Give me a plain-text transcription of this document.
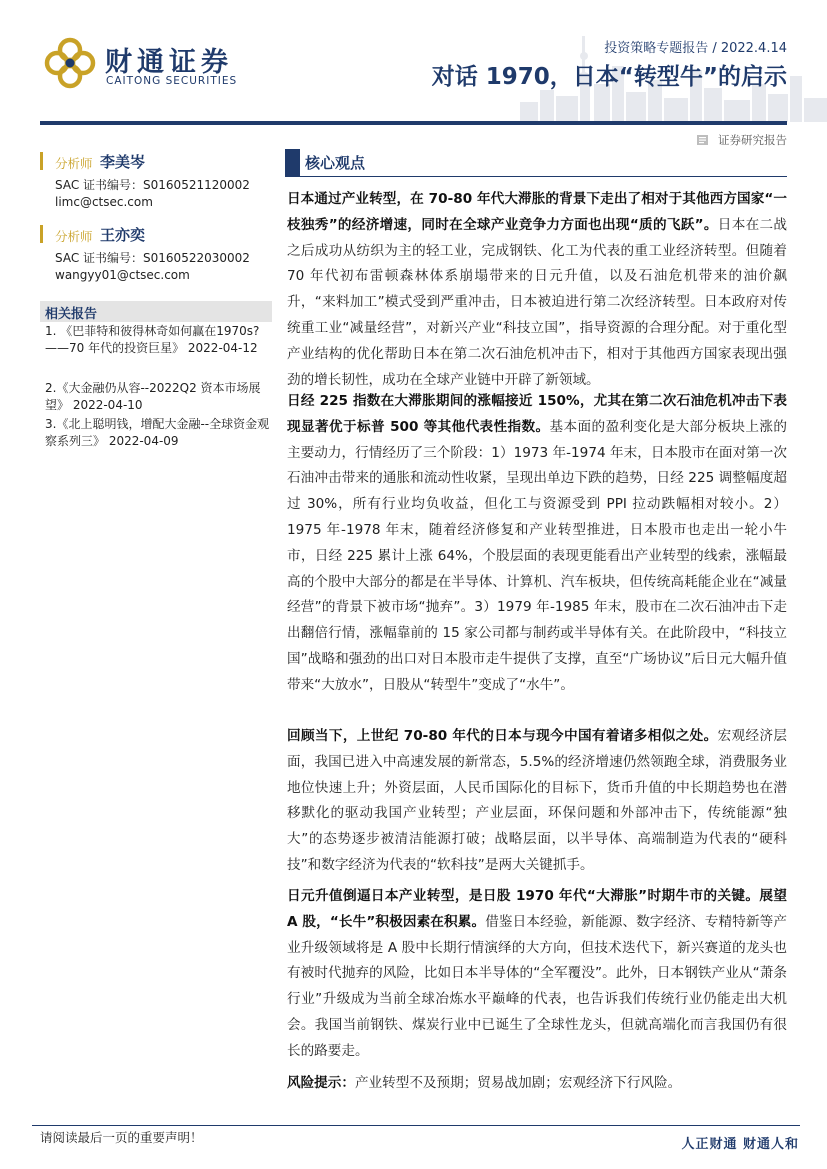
财通证券
CAITONG SECURITIES
投资策略专题报告 / 2022.4.14
对话 1970，日本“转型牛”的启示
证券研究报告
分析师 李美岑
SAC 证书编号：S0160521120002
limc@ctsec.com
分析师 王亦奕
SAC 证书编号：S0160522030002
wangyy01@ctsec.com
相关报告
1. 《巴菲特和彼得林奇如何赢在1970s? ——70 年代的投资巨星》 2022-04-12
2.《大金融仍从容--2022Q2 资本市场展望》 2022-04-10
3.《北上聪明钱，增配大金融--全球资金观察系列三》 2022-04-09
核心观点

日本通过产业转型，在 70-80 年代大滞胀的背景下走出了相对于其他西方国家“一枝独秀”的经济增速，同时在全球产业竞争力方面也出现“质的飞跃”。日本在二战之后成功从纺织为主的轻工业，完成钢铁、化工为代表的重工业经济转型。但随着 70 年代初布雷顿森林体系崩塌带来的日元升值，以及石油危机带来的油价飙升，“来料加工”模式受到严重冲击，日本被迫进行第二次经济转型。日本政府对传统重工业“减量经营”，对新兴产业“科技立国”，指导资源的合理分配。对于重化型产业结构的优化帮助日本在第二次石油危机冲击下，相对于其他西方国家表现出强劲的增长韧性，成功在全球产业链中开辟了新领域。

日经 225 指数在大滞胀期间的涨幅接近 150%，尤其在第二次石油危机冲击下表现显著优于标普 500 等其他代表性指数。基本面的盈利变化是大部分板块上涨的主要动力，行情经历了三个阶段：1）1973 年-1974 年末，日本股市在面对第一次石油冲击带来的通胀和流动性收紧，呈现出单边下跌的趋势，日经 225 调整幅度超过 30%，所有行业均负收益，但化工与资源受到 PPI 拉动跌幅相对较小。2）1975 年-1978 年末，随着经济修复和产业转型推进，日本股市也走出一轮小牛市，日经 225 累计上涨 64%，个股层面的表现更能看出产业转型的线索，涨幅最高的个股中大部分的都是在半导体、计算机、汽车板块，但传统高耗能企业在“减量经营”的背景下被市场“抛弃”。3）1979 年-1985 年末，股市在二次石油冲击下走出翻倍行情，涨幅靠前的 15 家公司都与制药或半导体有关。在此阶段中，“科技立国”战略和强劲的出口对日本股市走牛提供了支撑，直至“广场协议”后日元大幅升值带来“大放水”，日股从“转型牛”变成了“水牛”。

回顾当下，上世纪 70-80 年代的日本与现今中国有着诸多相似之处。宏观经济层面，我国已进入中高速发展的新常态，5.5%的经济增速仍然领跑全球，消费服务业地位快速上升；外资层面，人民币国际化的目标下，货币升值的中长期趋势也在潜移默化的驱动我国产业转型；产业层面，环保问题和外部冲击下，传统能源“独大”的态势逐步被清洁能源打破；战略层面，以半导体、高端制造为代表的“硬科技”和数字经济为代表的“软科技”是两大关键抓手。

日元升值倒逼日本产业转型，是日股 1970 年代“大滞胀”时期牛市的关键。展望 A 股，“长牛”积极因素在积累。借鉴日本经验，新能源、数字经济、专精特新等产业升级领域将是 A 股中长期行情演绎的大方向，但技术迭代下，新兴赛道的龙头也有被时代抛弃的风险，比如日本半导体的“全军覆没”。此外，日本钢铁产业从“萧条行业”升级成为当前全球冶炼水平巅峰的代表，也告诉我们传统行业仍能走出大机会。我国当前钢铁、煤炭行业中已诞生了全球性龙头，但就高端化而言我国仍有很长的路要走。

风险提示：产业转型不及预期；贸易战加剧；宏观经济下行风险。

请阅读最后一页的重要声明！	人正财通 财通人和
